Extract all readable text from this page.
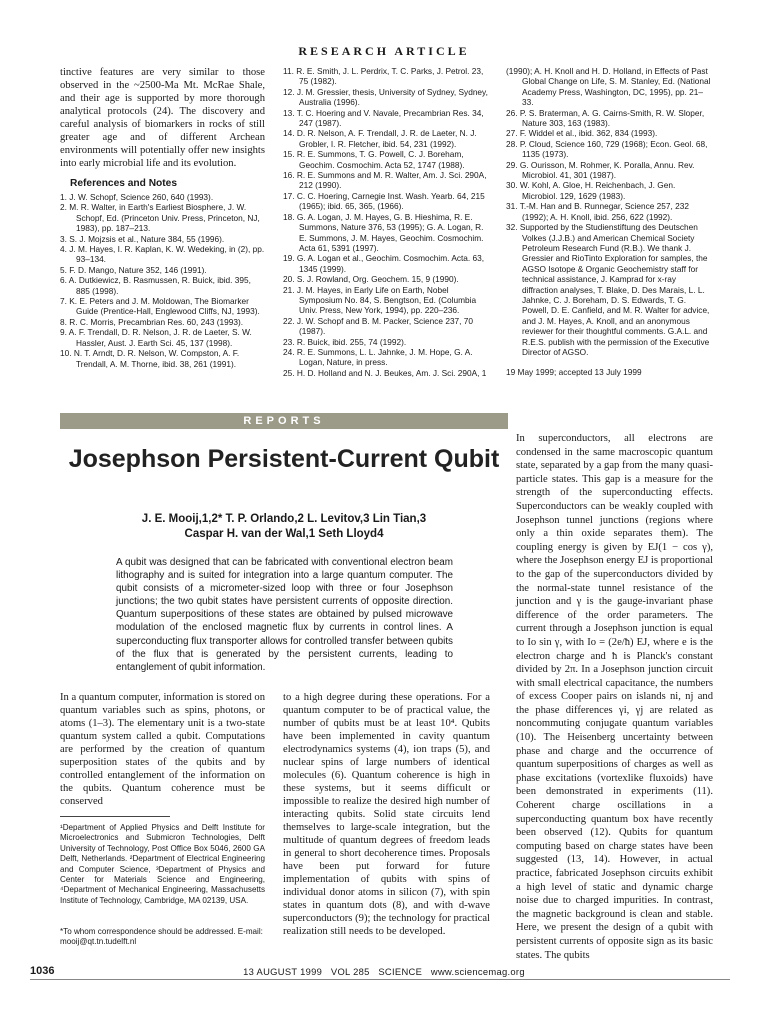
RESEARCH ARTICLE

tinctive features are very similar to those observed in the ~2500-Ma Mt. McRae Shale, and their age is supported by more thorough analytical protocols (24). The discovery and careful analysis of biomarkers in rocks of still greater age and of different Archean environments will potentially offer new insights into early microbial life and its evolution.

References and Notes
1. J. W. Schopf, Science 260, 640 (1993).
2. M. R. Walter, in Earth's Earliest Biosphere, J. W. Schopf, Ed. (Princeton Univ. Press, Princeton, NJ, 1983), pp. 187–213.
3. S. J. Mojzsis et al., Nature 384, 55 (1996).
4. J. M. Hayes, I. R. Kaplan, K. W. Wedeking, in (2), pp. 93–134.
5. F. D. Mango, Nature 352, 146 (1991).
6. A. Dutkiewicz, B. Rasmussen, R. Buick, ibid. 395, 885 (1998).
7. K. E. Peters and J. M. Moldowan, The Biomarker Guide (Prentice-Hall, Englewood Cliffs, NJ, 1993).
8. R. C. Morris, Precambrian Res. 60, 243 (1993).
9. A. F. Trendall, D. R. Nelson, J. R. de Laeter, S. W. Hassler, Aust. J. Earth Sci. 45, 137 (1998).
10. N. T. Arndt, D. R. Nelson, W. Compston, A. F. Trendall, A. M. Thorne, ibid. 38, 261 (1991).
11. R. E. Smith, J. L. Perdrix, T. C. Parks, J. Petrol. 23, 75 (1982).
12. J. M. Gressier, thesis, University of Sydney, Sydney, Australia (1996).
13. T. C. Hoering and V. Navale, Precambrian Res. 34, 247 (1987).
14. D. R. Nelson, A. F. Trendall, J. R. de Laeter, N. J. Grobler, I. R. Fletcher, ibid. 54, 231 (1992).
15. R. E. Summons, T. G. Powell, C. J. Boreham, Geochim. Cosmochim. Acta 52, 1747 (1988).
16. R. E. Summons and M. R. Walter, Am. J. Sci. 290A, 212 (1990).
17. C. C. Hoering, Carnegie Inst. Wash. Yearb. 64, 215 (1965); ibid. 65, 365, (1966).
18. G. A. Logan, J. M. Hayes, G. B. Hieshima, R. E. Summons, Nature 376, 53 (1995); G. A. Logan, R. E. Summons, J. M. Hayes, Geochim. Cosmochim. Acta 61, 5391 (1997).
19. G. A. Logan et al., Geochim. Cosmochim. Acta. 63, 1345 (1999).
20. S. J. Rowland, Org. Geochem. 15, 9 (1990).
21. J. M. Hayes, in Early Life on Earth, Nobel Symposium No. 84, S. Bengtson, Ed. (Columbia Univ. Press, New York, 1994), pp. 220–236.
22. J. W. Schopf and B. M. Packer, Science 237, 70 (1987).
23. R. Buick, ibid. 255, 74 (1992).
24. R. E. Summons, L. L. Jahnke, J. M. Hope, G. A. Logan, Nature, in press.
25. H. D. Holland and N. J. Beukes, Am. J. Sci. 290A, 1
(1990); A. H. Knoll and H. D. Holland, in Effects of Past Global Change on Life, S. M. Stanley, Ed. (National Academy Press, Washington, DC, 1995), pp. 21–33.
26. P. S. Braterman, A. G. Cairns-Smith, R. W. Sloper, Nature 303, 163 (1983).
27. F. Widdel et al., ibid. 362, 834 (1993).
28. P. Cloud, Science 160, 729 (1968); Econ. Geol. 68, 1135 (1973).
29. G. Ourisson, M. Rohmer, K. Poralla, Annu. Rev. Microbiol. 41, 301 (1987).
30. W. Kohl, A. Gloe, H. Reichenbach, J. Gen. Microbiol. 129, 1629 (1983).
31. T.-M. Han and B. Runnegar, Science 257, 232 (1992); A. H. Knoll, ibid. 256, 622 (1992).
32. Supported by the Studienstiftung des Deutschen Volkes (J.J.B.) and American Chemical Society Petroleum Research Fund (R.B.). We thank J. Gressier and RioTinto Exploration for samples, the AGSO Isotope & Organic Geochemistry staff for technical assistance, J. Kamprad for x-ray diffraction analyses, T. Blake, D. Des Marais, L. L. Jahnke, C. J. Boreham, D. S. Edwards, T. G. Powell, D. E. Canfield, and M. R. Walter for advice, and J. M. Hayes, A. Knoll, and an anonymous reviewer for their thoughtful comments. G.A.L. and R.E.S. publish with the permission of the Executive Director of AGSO.
19 May 1999; accepted 13 July 1999
REPORTS
Josephson Persistent-Current Qubit
J. E. Mooij,1,2* T. P. Orlando,2 L. Levitov,3 Lin Tian,3
Caspar H. van der Wal,1 Seth Lloyd4
A qubit was designed that can be fabricated with conventional electron beam lithography and is suited for integration into a large quantum computer. The qubit consists of a micrometer-sized loop with three or four Josephson junctions; the two qubit states have persistent currents of opposite direction. Quantum superpositions of these states are obtained by pulsed microwave modulation of the enclosed magnetic flux by currents in control lines. A superconducting flux transporter allows for controlled transfer between qubits of the flux that is generated by the persistent currents, leading to entanglement of qubit information.

In a quantum computer, information is stored on quantum variables such as spins, photons, or atoms (1–3). The elementary unit is a two-state quantum system called a qubit. Computations are performed by the creation of quantum superposition states of the qubits and by controlled entanglement of the information on the qubits. Quantum coherence must be conserved

to a high degree during these operations. For a quantum computer to be of practical value, the number of qubits must be at least 10⁴. Qubits have been implemented in cavity quantum electrodynamics systems (4), ion traps (5), and nuclear spins of large numbers of identical molecules (6). Quantum coherence is high in these systems, but it seems difficult or impossible to realize the desired high number of interacting qubits. Solid state circuits lend themselves to large-scale integration, but the multitude of quantum degrees of freedom leads in general to short decoherence times. Proposals have been put forward for future implementation of qubits with spins of individual donor atoms in silicon (7), with spin states in quantum dots (8), and with d-wave superconductors (9); the technology for practical realization still needs to be developed.

In superconductors, all electrons are condensed in the same macroscopic quantum state, separated by a gap from the many quasi-particle states. This gap is a measure for the strength of the superconducting effects. Superconductors can be weakly coupled with Josephson tunnel junctions (regions where only a thin oxide separates them). The coupling energy is given by EJ(1 − cos γ), where the Josephson energy EJ is proportional to the gap of the superconductors divided by the normal-state tunnel resistance of the junction and γ is the gauge-invariant phase difference of the order parameters. The current through a Josephson junction is equal to Io sin γ, with Io = (2e/ħ) EJ, where e is the electron charge and ħ is Planck's constant divided by 2π. In a Josephson junction circuit with small electrical capacitance, the numbers of excess Cooper pairs on islands ni, nj and the phase differences γi, γj are related as noncommuting conjugate quantum variables (10). The Heisenberg uncertainty between phase and charge and the occurrence of quantum superpositions of charges as well as phase excitations (vortexlike fluxoids) have been demonstrated in experiments (11). Coherent charge oscillations in a superconducting quantum box have recently been observed (12). Qubits for quantum computing based on charge states have been suggested (13, 14). However, in actual practice, fabricated Josephson circuits exhibit a high level of static and dynamic charge noise due to charged impurities. In contrast, the magnetic background is clean and stable. Here, we present the design of a qubit with persistent currents of opposite sign as its basic states. The qubits

¹Department of Applied Physics and Delft Institute for Microelectronics and Submicron Technologies, Delft University of Technology, Post Office Box 5046, 2600 GA Delft, Netherlands. ²Department of Electrical Engineering and Computer Science, ³Department of Physics and Center for Materials Science and Engineering, ⁴Department of Mechanical Engineering, Massachusetts Institute of Technology, Cambridge, MA 02139, USA.
*To whom correspondence should be addressed. E-mail: mooij@qt.tn.tudelft.nl
1036	13 AUGUST 1999   VOL 285   SCIENCE   www.sciencemag.org
